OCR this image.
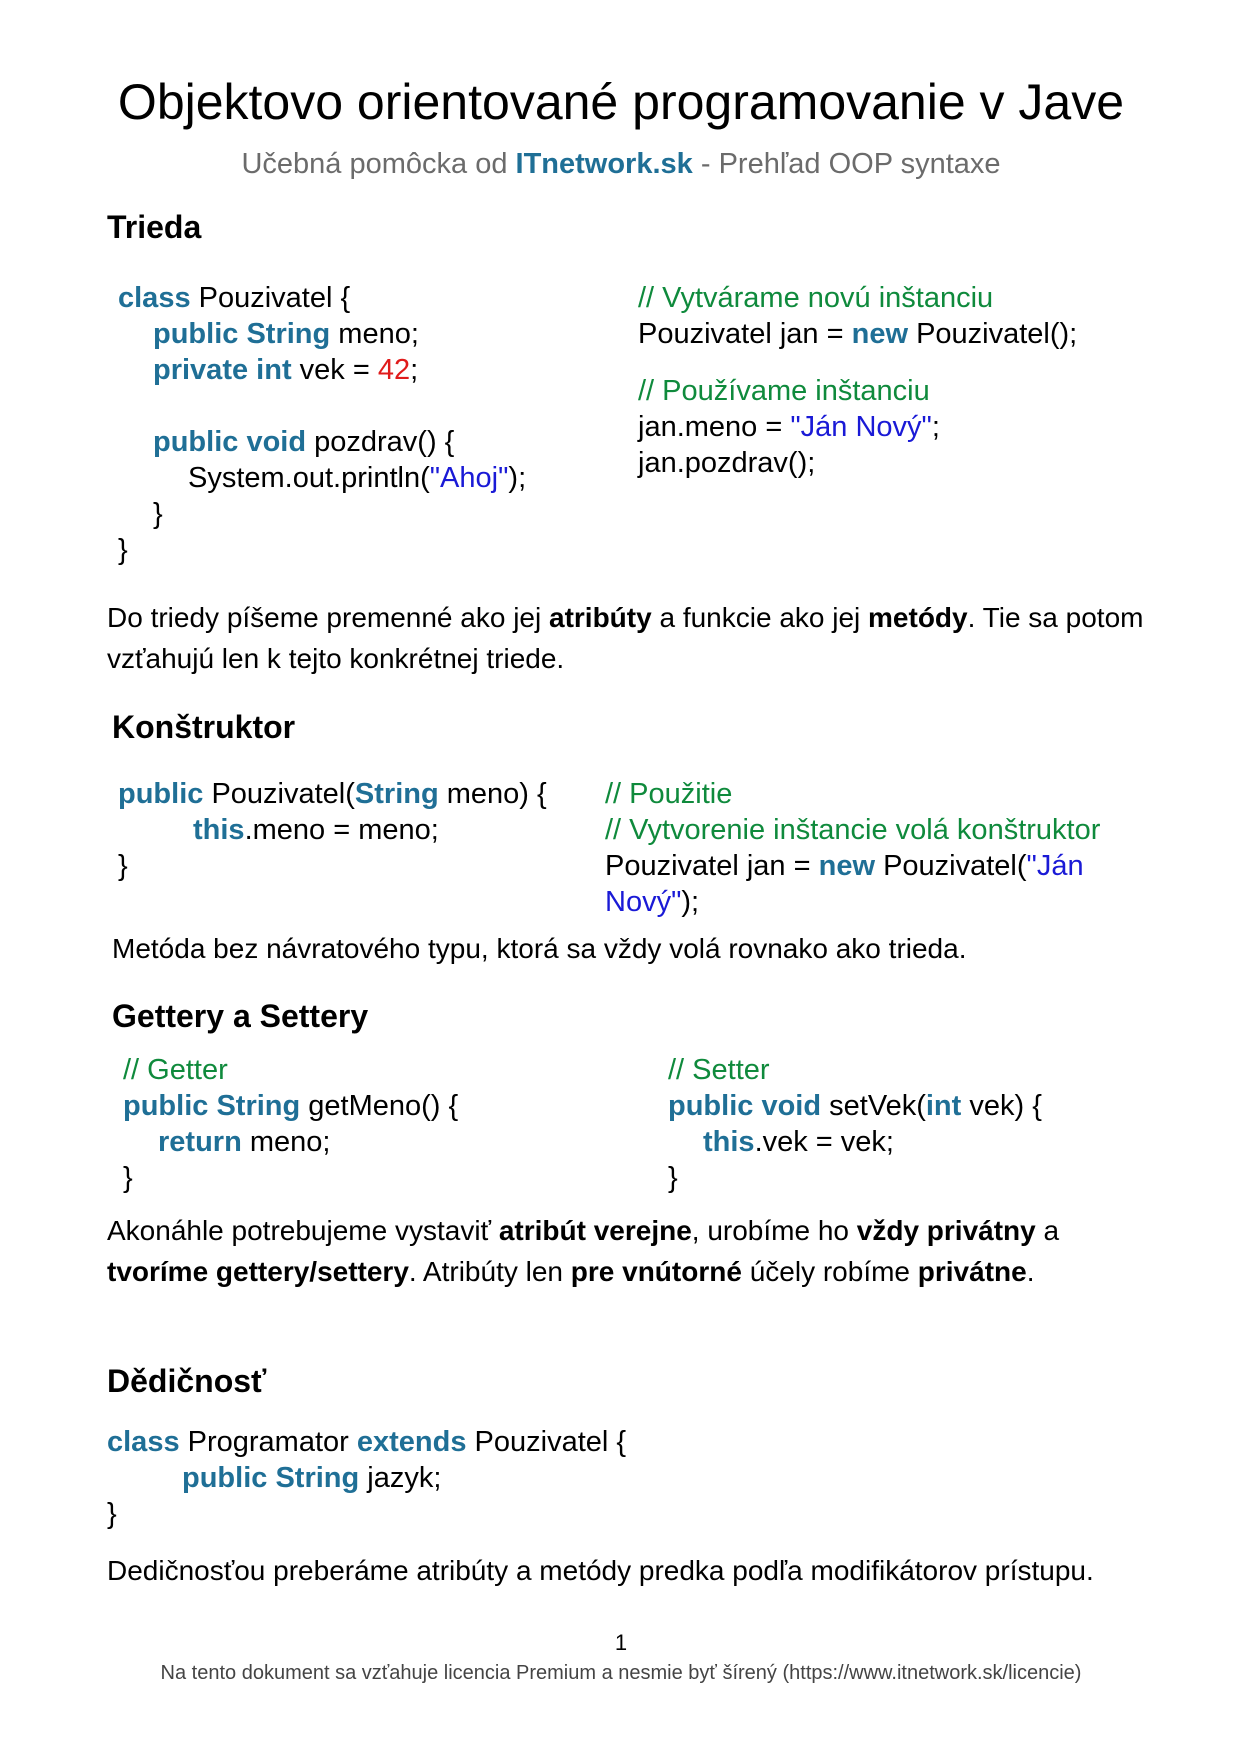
Objektovo orientované programovanie v Jave
Učebná pomôcka od ITnetwork.sk - Prehľad OOP syntaxe
Trieda
class Pouzivatel {
public String meno;
private int vek = 42;
public void pozdrav() {
System.out.println("Ahoj");
}
}
// Vytvárame novú inštanciu
Pouzivatel jan = new Pouzivatel();
// Používame inštanciu
jan.meno = "Ján Nový";
jan.pozdrav();
Do triedy píšeme premenné ako jej atribúty a funkcie ako jej metódy. Tie sa potom vzťahujú len k tejto konkrétnej triede.
Konštruktor
public Pouzivatel(String meno) {
this.meno = meno;
}
// Použitie
// Vytvorenie inštancie volá konštruktor
Pouzivatel jan = new Pouzivatel("Ján
Nový");
Metóda bez návratového typu, ktorá sa vždy volá rovnako ako trieda.
Gettery a Settery
// Getter
public String getMeno() {
return meno;
}
// Setter
public void setVek(int vek) {
this.vek = vek;
}
Akonáhle potrebujeme vystaviť atribút verejne, urobíme ho vždy privátny a tvoríme gettery/settery. Atribúty len pre vnútorné účely robíme privátne.
Dědičnosť
class Programator extends Pouzivatel {
public String jazyk;
}
Dedičnosťou preberáme atribúty a metódy predka podľa modifikátorov prístupu.
1
Na tento dokument sa vzťahuje licencia Premium a nesmie byť šírený (https://www.itnetwork.sk/licencie)
